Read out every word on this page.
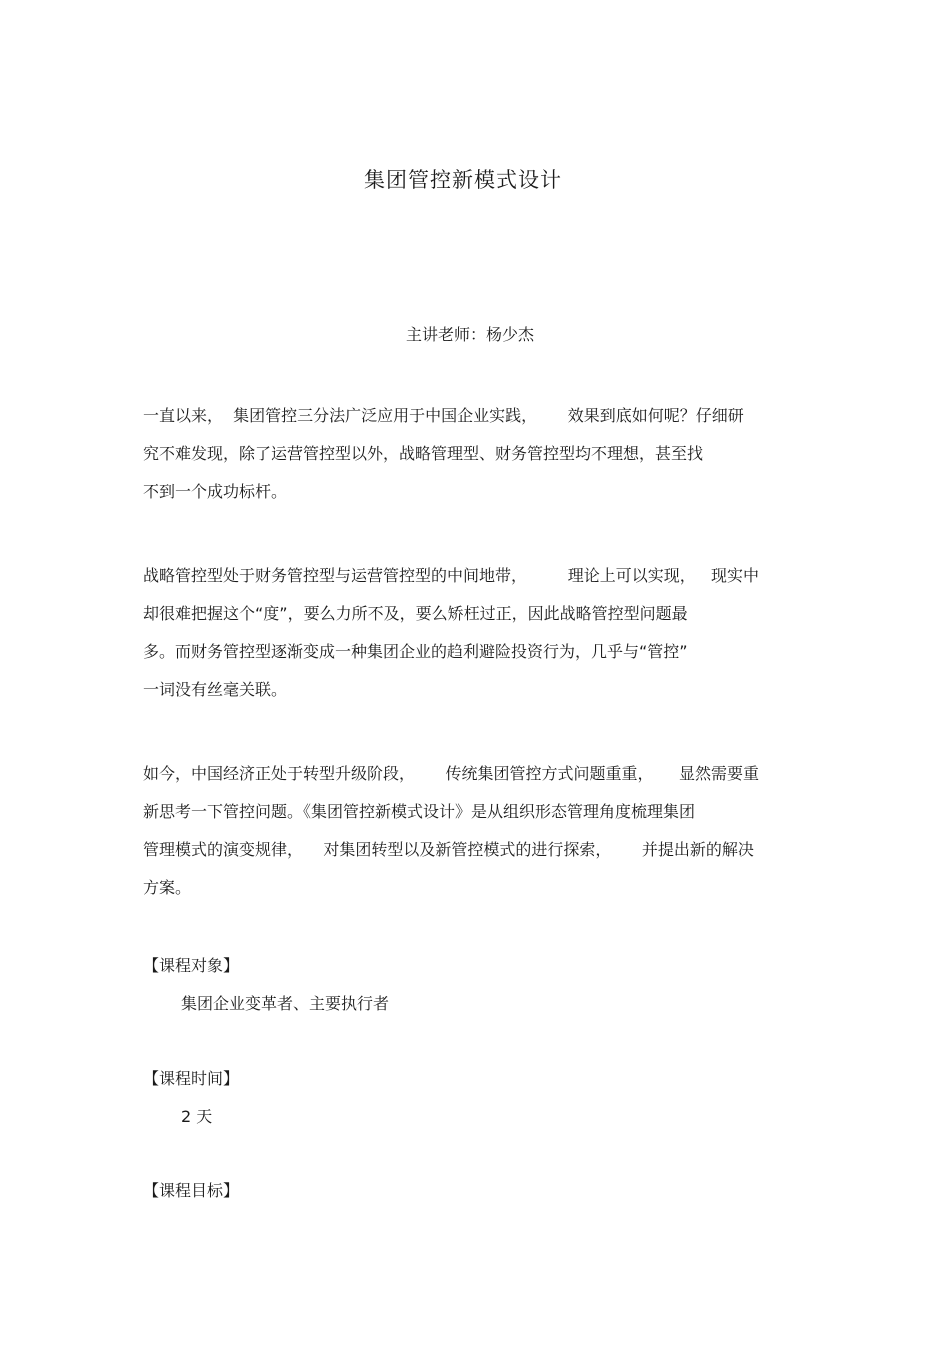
集团管控新模式设计
主讲老师：杨少杰
一直以来，  集团管控三分法广泛应用于中国企业实践，      效果到底如何呢？仔细研
究不难发现，除了运营管控型以外，战略管理型、财务管控型均不理想，甚至找
不到一个成功标杆。
战略管控型处于财务管控型与运营管控型的中间地带，        理论上可以实现，   现实中
却很难把握这个“度”，要么力所不及，要么矫枉过正，因此战略管控型问题最
多。而财务管控型逐渐变成一种集团企业的趋利避险投资行为，几乎与“管控”
一词没有丝毫关联。
如今，中国经济正处于转型升级阶段，      传统集团管控方式问题重重，     显然需要重
新思考一下管控问题。《集团管控新模式设计》是从组织形态管理角度梳理集团
管理模式的演变规律，    对集团转型以及新管控模式的进行探索，      并提出新的解决
方案。
【课程对象】
集团企业变革者、主要执行者
【课程时间】
2 天
【课程目标】
